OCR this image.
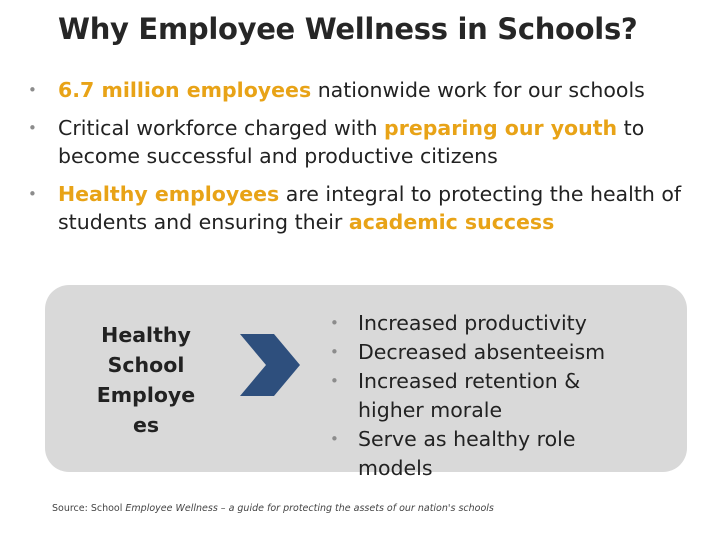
Why Employee Wellness in Schools?
• 6.7 million employees nationwide work for our schools
• Critical workforce charged with preparing our youth to become successful and productive citizens
• Healthy employees are integral to protecting the health of students and ensuring their academic success
Healthy School Employe es
• Increased productivity
• Decreased absenteeism
• Increased retention & higher morale
• Serve as healthy role models
Source: School Employee Wellness – a guide for protecting the assets of our nation's schools
